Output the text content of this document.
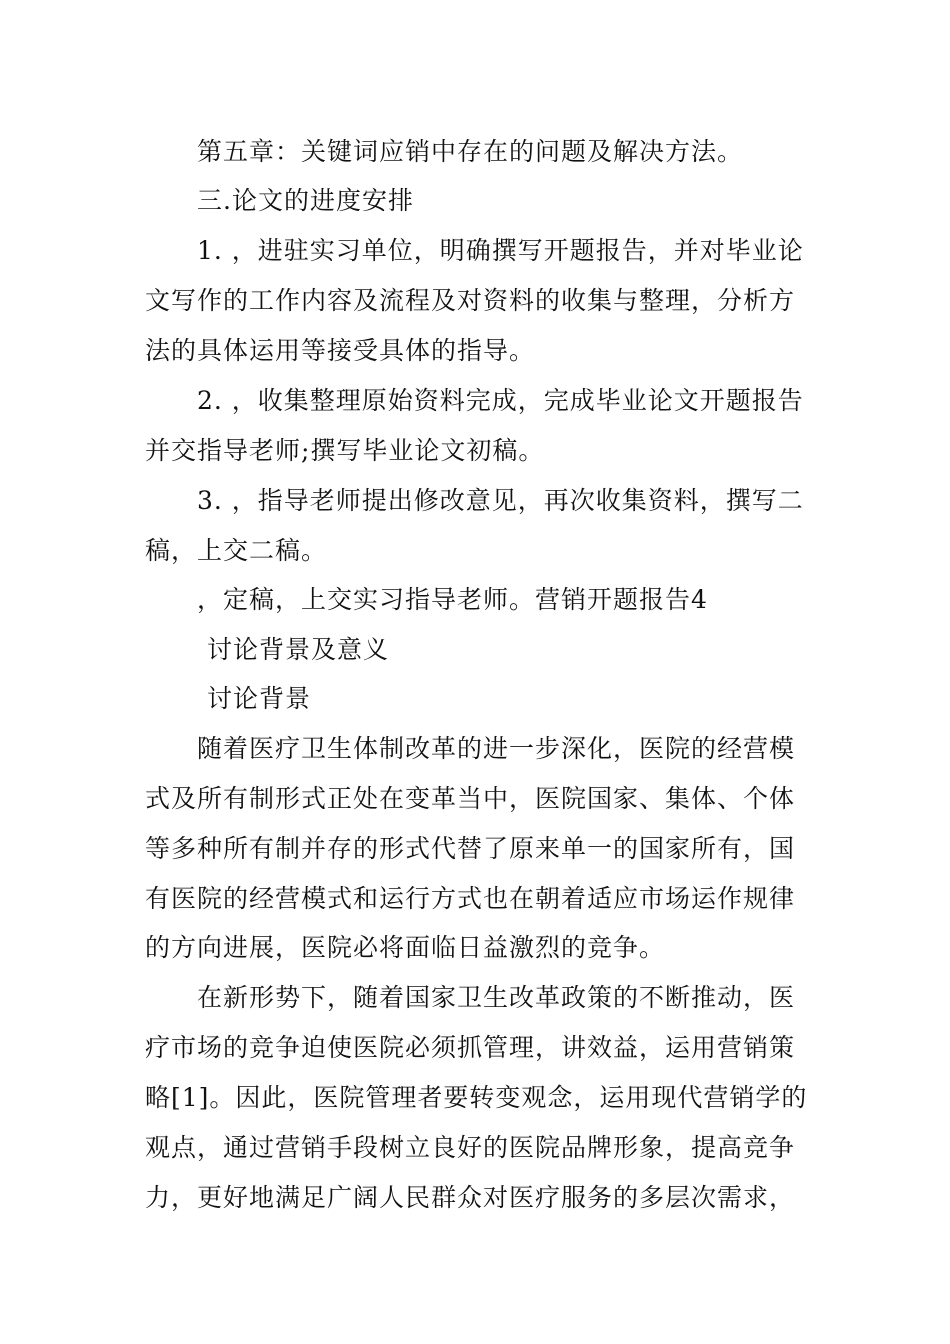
第五章：关键词应销中存在的问题及解决方法。
三.论文的进度安排
1. ，进驻实习单位，明确撰写开题报告，并对毕业论
文写作的工作内容及流程及对资料的收集与整理，分析方
法的具体运用等接受具体的指导。
2. ，收集整理原始资料完成，完成毕业论文开题报告
并交指导老师;撰写毕业论文初稿。
3. ，指导老师提出修改意见，再次收集资料，撰写二
稿，上交二稿。
，定稿，上交实习指导老师。营销开题报告4
讨论背景及意义
讨论背景
随着医疗卫生体制改革的进一步深化，医院的经营模
式及所有制形式正处在变革当中，医院国家、集体、个体
等多种所有制并存的形式代替了原来单一的国家所有，国
有医院的经营模式和运行方式也在朝着适应市场运作规律
的方向进展，医院必将面临日益激烈的竞争。
在新形势下，随着国家卫生改革政策的不断推动，医
疗市场的竞争迫使医院必须抓管理，讲效益，运用营销策
略[1]。因此，医院管理者要转变观念，运用现代营销学的
观点，通过营销手段树立良好的医院品牌形象，提高竞争
力，更好地满足广阔人民群众对医疗服务的多层次需求，
